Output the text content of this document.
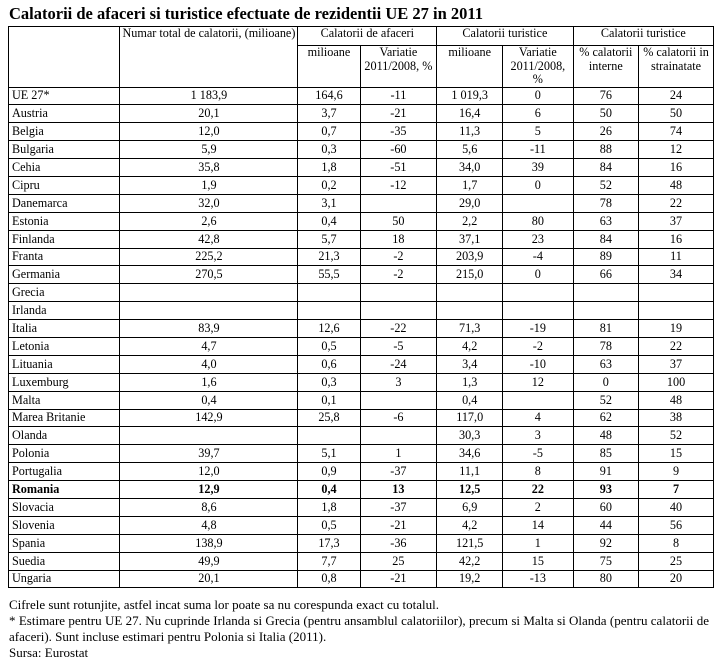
Calatorii de afaceri si turistice efectuate de rezidentii UE 27 in 2011
	Numar total de calatorii, (milioane)	Calatorii de afaceri		Calatorii turistice		Calatorii turistice	
		milioane	Variatie 2011/2008, %	milioane	Variatie 2011/2008, %	% calatorii interne	% calatorii in strainatate
UE 27*	1 183,9	164,6	-11	1 019,3	0	76	24
Austria	20,1	3,7	-21	16,4	6	50	50
Belgia	12,0	0,7	-35	11,3	5	26	74
Bulgaria	5,9	0,3	-60	5,6	-11	88	12
Cehia	35,8	1,8	-51	34,0	39	84	16
Cipru	1,9	0,2	-12	1,7	0	52	48
Danemarca	32,0	3,1		29,0		78	22
Estonia	2,6	0,4	50	2,2	80	63	37
Finlanda	42,8	5,7	18	37,1	23	84	16
Franta	225,2	21,3	-2	203,9	-4	89	11
Germania	270,5	55,5	-2	215,0	0	66	34
Grecia							
Irlanda							
Italia	83,9	12,6	-22	71,3	-19	81	19
Letonia	4,7	0,5	-5	4,2	-2	78	22
Lituania	4,0	0,6	-24	3,4	-10	63	37
Luxemburg	1,6	0,3	3	1,3	12	0	100
Malta	0,4	0,1		0,4		52	48
Marea Britanie	142,9	25,8	-6	117,0	4	62	38
Olanda				30,3	3	48	52
Polonia	39,7	5,1	1	34,6	-5	85	15
Portugalia	12,0	0,9	-37	11,1	8	91	9
Romania	12,9	0,4	13	12,5	22	93	7
Slovacia	8,6	1,8	-37	6,9	2	60	40
Slovenia	4,8	0,5	-21	4,2	14	44	56
Spania	138,9	17,3	-36	121,5	1	92	8
Suedia	49,9	7,7	25	42,2	15	75	25
Ungaria	20,1	0,8	-21	19,2	-13	80	20

Cifrele sunt rotunjite, astfel incat suma lor poate sa nu corespunda exact cu totalul.

* Estimare pentru UE 27. Nu cuprinde Irlanda si Grecia (pentru ansamblul calatoriilor), precum si Malta si Olanda (pentru calatorii de afaceri). Sunt incluse estimari pentru Polonia si Italia (2011).

Sursa: Eurostat
